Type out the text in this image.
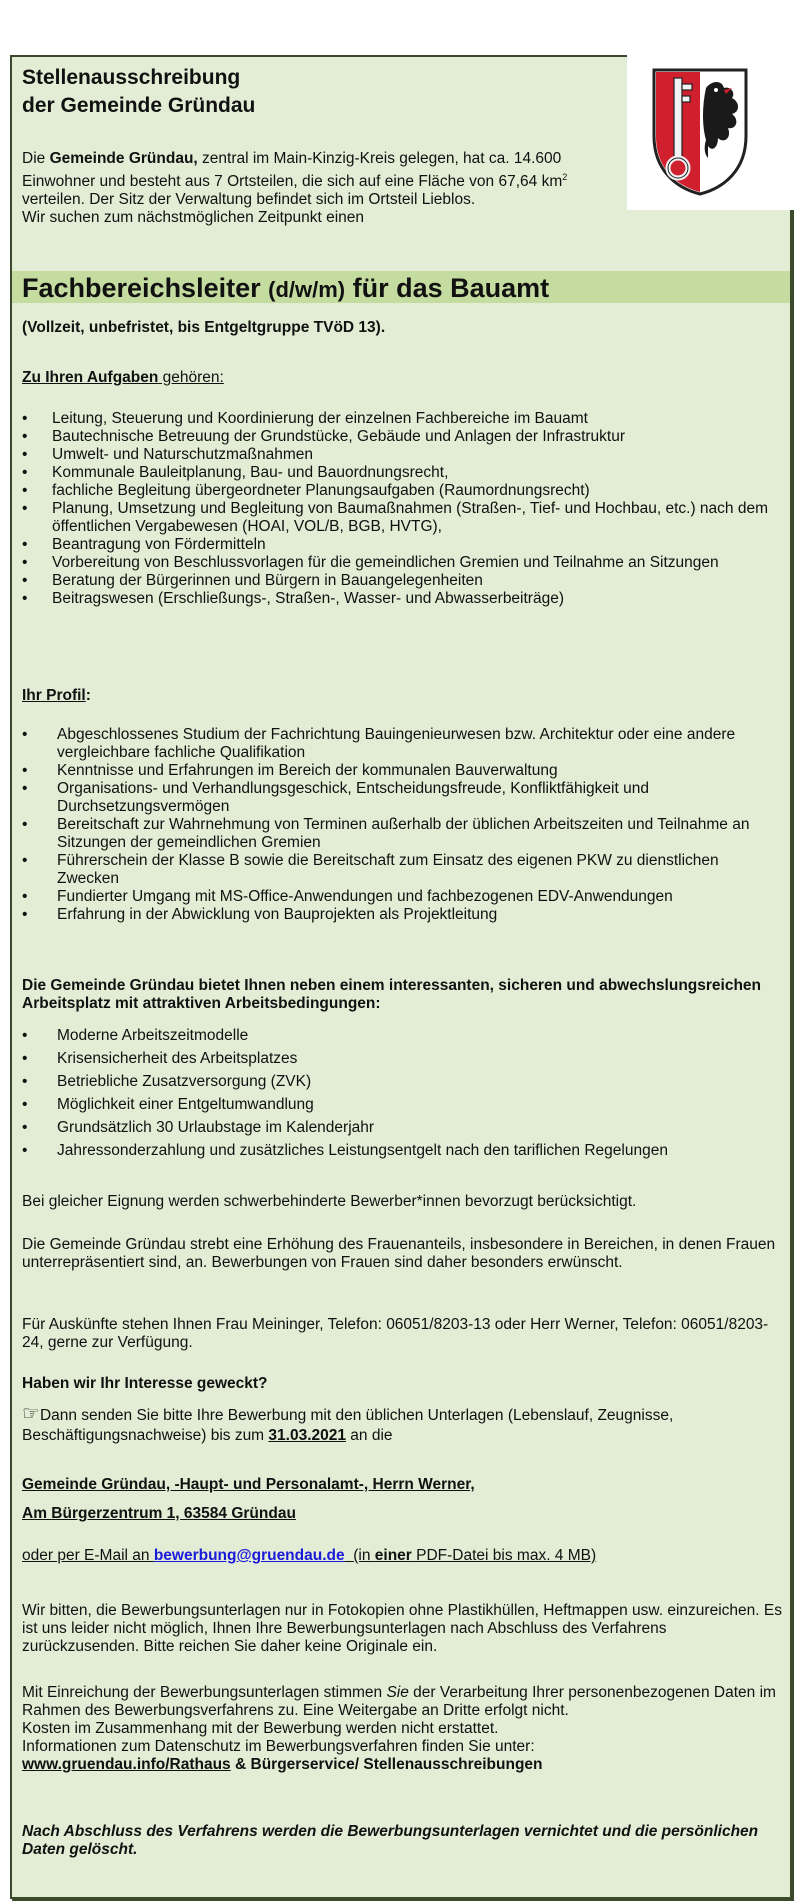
Stellenausschreibung
der Gemeinde Gründau

Die Gemeinde Gründau, zentral im Main-Kinzig-Kreis gelegen, hat ca. 14.600 Einwohner und besteht aus 7 Ortsteilen, die sich auf eine Fläche von 67,64 $km^2$ verteilen. Der Sitz der Verwaltung befindet sich im Ortsteil Lieblos.
Wir suchen zum nächstmöglichen Zeitpunkt einen

Fachbereichsleiter (d/w/m) für das Bauamt

(Vollzeit, unbefristet, bis Entgeltgruppe TVöD 13).

Zu Ihren Aufgaben gehören:

• Leitung, Steuerung und Koordinierung der einzelnen Fachbereiche im Bauamt
• Bautechnische Betreuung der Grundstücke, Gebäude und Anlagen der Infrastruktur
• Umwelt- und Naturschutzmaßnahmen
• Kommunale Bauleitplanung, Bau- und Bauordnungsrecht,
• fachliche Begleitung übergeordneter Planungsaufgaben (Raumordnungsrecht)
• Planung, Umsetzung und Begleitung von Baumaßnahmen (Straßen-, Tief- und Hochbau, etc.) nach dem öffentlichen Vergabewesen (HOAI, VOL/B, BGB, HVTG),
• Beantragung von Fördermitteln
• Vorbereitung von Beschlussvorlagen für die gemeindlichen Gremien und Teilnahme an Sitzungen
• Beratung der Bürgerinnen und Bürgern in Bauangelegenheiten
• Beitragswesen (Erschließungs-, Straßen-, Wasser- und Abwasserbeiträge)

Ihr Profil:

• Abgeschlossenes Studium der Fachrichtung Bauingenieurwesen bzw. Architektur oder eine andere vergleichbare fachliche Qualifikation
• Kenntnisse und Erfahrungen im Bereich der kommunalen Bauverwaltung
• Organisations- und Verhandlungsgeschick, Entscheidungsfreude, Konfliktfähigkeit und Durchsetzungsvermögen
• Bereitschaft zur Wahrnehmung von Terminen außerhalb der üblichen Arbeitszeiten und Teilnahme an Sitzungen der gemeindlichen Gremien
• Führerschein der Klasse B sowie die Bereitschaft zum Einsatz des eigenen PKW zu dienstlichen Zwecken
• Fundierter Umgang mit MS-Office-Anwendungen und fachbezogenen EDV-Anwendungen
• Erfahrung in der Abwicklung von Bauprojekten als Projektleitung

Die Gemeinde Gründau bietet Ihnen neben einem interessanten, sicheren und abwechslungsreichen Arbeitsplatz mit attraktiven Arbeitsbedingungen:

• Moderne Arbeitszeitmodelle
• Krisensicherheit des Arbeitsplatzes
• Betriebliche Zusatzversorgung (ZVK)
• Möglichkeit einer Entgeltumwandlung
• Grundsätzlich 30 Urlaubstage im Kalenderjahr
• Jahressonderzahlung und zusätzliches Leistungsentgelt nach den tariflichen Regelungen

Bei gleicher Eignung werden schwerbehinderte Bewerber*innen bevorzugt berücksichtigt.

Die Gemeinde Gründau strebt eine Erhöhung des Frauenanteils, insbesondere in Bereichen, in denen Frauen unterrepräsentiert sind, an. Bewerbungen von Frauen sind daher besonders erwünscht.

Für Auskünfte stehen Ihnen Frau Meininger, Telefon: 06051/8203-13 oder Herr Werner, Telefon: 06051/8203-24, gerne zur Verfügung.

Haben wir Ihr Interesse geweckt?

☞Dann senden Sie bitte Ihre Bewerbung mit den üblichen Unterlagen (Lebenslauf, Zeugnisse, Beschäftigungsnachweise) bis zum 31.03.2021 an die

Gemeinde Gründau, -Haupt- und Personalamt-, Herrn Werner,

Am Bürgerzentrum 1, 63584 Gründau

oder per E-Mail an bewerbung@gruendau.de  (in einer PDF-Datei bis max. 4 MB)

Wir bitten, die Bewerbungsunterlagen nur in Fotokopien ohne Plastikhüllen, Heftmappen usw. einzureichen. Es ist uns leider nicht möglich, Ihnen Ihre Bewerbungsunterlagen nach Abschluss des Verfahrens zurückzusenden. Bitte reichen Sie daher keine Originale ein.

Mit Einreichung der Bewerbungsunterlagen stimmen Sie der Verarbeitung Ihrer personenbezogenen Daten im Rahmen des Bewerbungsverfahrens zu. Eine Weitergabe an Dritte erfolgt nicht.
Kosten im Zusammenhang mit der Bewerbung werden nicht erstattet.
Informationen zum Datenschutz im Bewerbungsverfahren finden Sie unter:
www.gruendau.info/Rathaus & Bürgerservice/ Stellenausschreibungen

Nach Abschluss des Verfahrens werden die Bewerbungsunterlagen vernichtet und die persönlichen Daten gelöscht.
